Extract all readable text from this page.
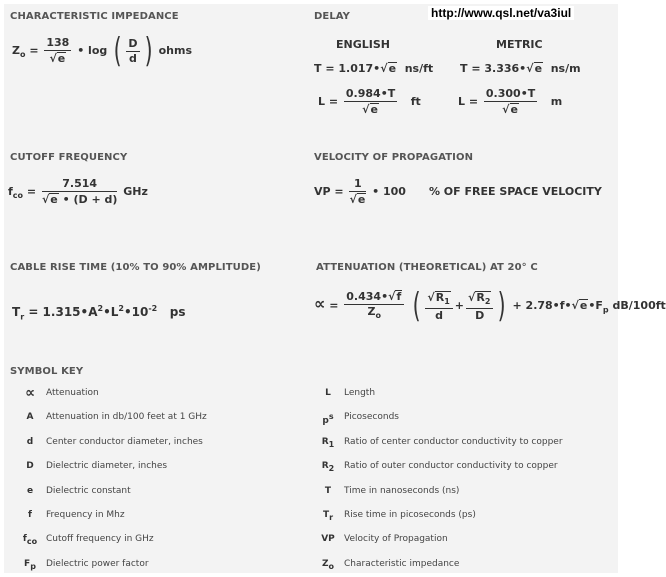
http://www.qsl.net/va3iul
CHARACTERISTIC IMPEDANCE	DELAY
CUTOFF FREQUENCY	VELOCITY OF PROPAGATION
CABLE RISE TIME (10% TO 90% AMPLITUDE)	ATTENUATION (THEORETICAL) AT 20° C
SYMBOL KEY
ENGLISH	METRIC
$Z_o = \frac{138}{√e}$ • log ( $\frac{D}{d}$ ) ohms
T = 1.017•√e ns/ft T = 3.336•√e ns/m
$L = \frac{0.984•T}{√e}$ ft	$L = \frac{0.300•T}{√e}$ m
$f_{co} = \frac{7.514}{√e • (D + d)}$ GHz	VP = $\frac{1}{√e}$ • 100 % OF FREE SPACE VELOCITY
$T_r$ = $1.315•A^2•L^2•10^{-2}$ ps	∝ = $\frac{0.434•√f}{Z_o}$ ( $\frac{√R_1}{d} + \frac{√R_2}{D}$ ) + $2.78•f•√e•F_p$ dB/100ft
∝	Attenuation
A	Attenuation in db/100 feet at 1 GHz
d	Center conductor diameter, inches
D	Dielectric diameter, inches
e	Dielectric constant
f	Frequency in Mhz
$f_{co}$ Cutoff frequency in GHz
$F_p$	Dielectric power factor
L	Length
$p^s$	Picoseconds
$R_1$	Ratio of center conductor conductivity to copper
$R_2$	Ratio of outer conductor conductivity to copper
T	Time in nanoseconds (ns)
$T_r$	Rise time in picoseconds (ps)
VP	Velocity of Propagation
$Z_o$	Characteristic impedance
